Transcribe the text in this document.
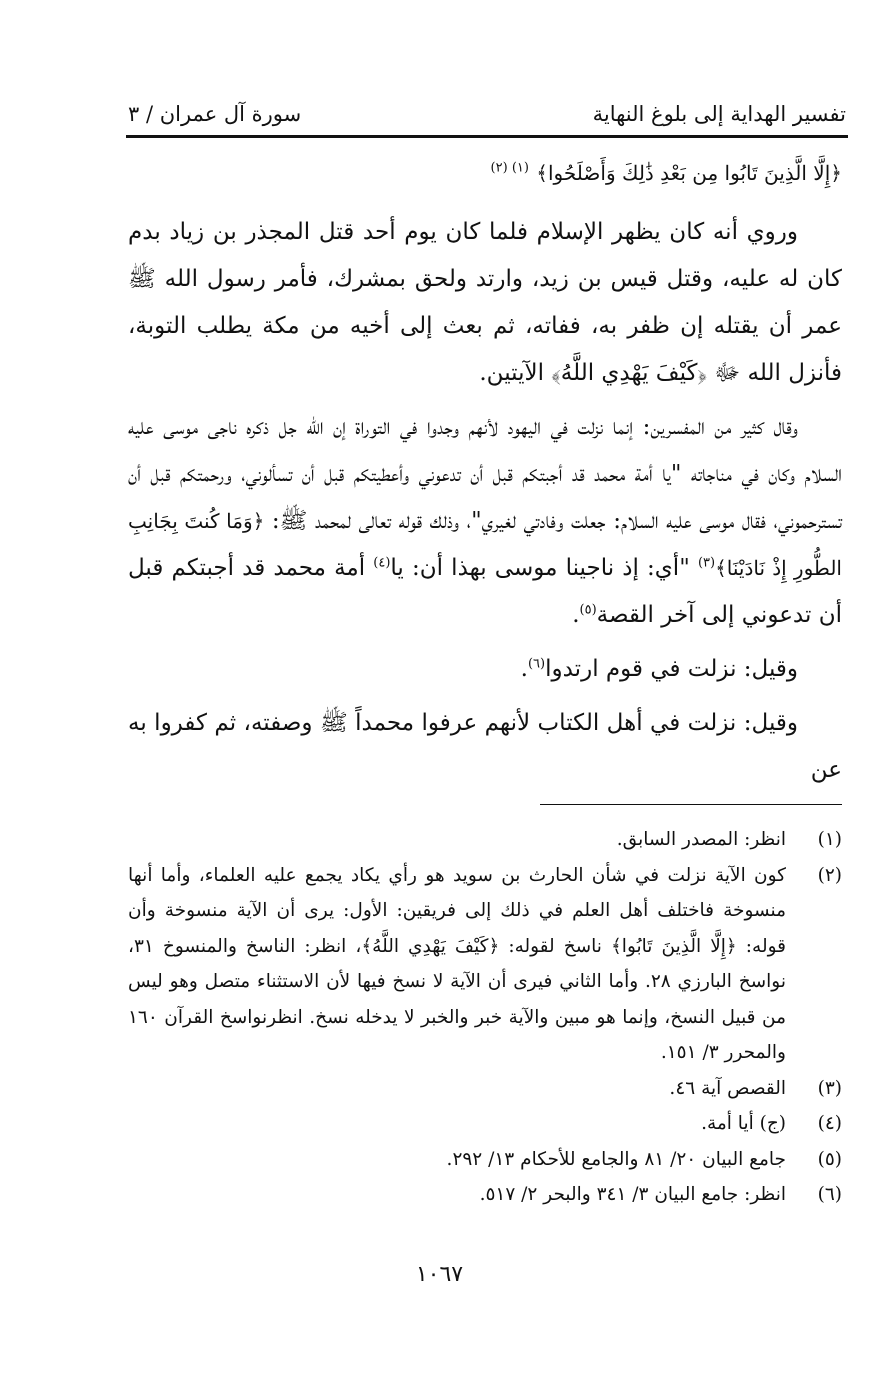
تفسير الهداية إلى بلوغ النهاية
سورة آل عمران / ٣

﴿إِلَّا الَّذِينَ تَابُوا مِن بَعْدِ ذَٰلِكَ وَأَصْلَحُوا﴾ $^{(١) (٢)}$

وروي أنه كان يظهر الإسلام فلما كان يوم أحد قتل المجذر بن زياد بدم كان له عليه، وقتل قيس بن زيد، وارتد ولحق بمشرك، فأمر رسول الله ﷺ عمر أن يقتله إن ظفر به، ففاته، ثم بعث إلى أخيه من مكة يطلب التوبة، فأنزل الله ﷻ ﴿كَيْفَ يَهْدِي اللَّهُ﴾ الآيتين.

وقال كثير من المفسرين: إنما نزلت في اليهود لأنهم وجدوا في التوراة إن الله جل ذكره ناجى موسى عليه السلام وكان في مناجاته "يا أمة محمد قد أجبتكم قبل أن تدعوني وأعطيتكم قبل أن تسألوني، ورحمتكم قبل أن تسترحموني، فقال موسى عليه السلام: جعلت وفادتي لغيري"، وذلك قوله تعالى لمحمد ﷺ: ﴿وَمَا كُنتَ بِجَانِبِ الطُّورِ إِذْ نَادَيْنَا﴾$^{(٣)}$ "أي: إذ ناجينا موسى بهذا أن: يا$^{(٤)}$ أمة محمد قد أجبتكم قبل أن تدعوني إلى آخر القصة$^{(٥)}$.

وقيل: نزلت في قوم ارتدوا$^{(٦)}$.

وقيل: نزلت في أهل الكتاب لأنهم عرفوا محمداً ﷺ وصفته، ثم كفروا به عن

(١)
انظر: المصدر السابق.
(٢)
كون الآية نزلت في شأن الحارث بن سويد هو رأي يكاد يجمع عليه العلماء، وأما أنها منسوخة فاختلف أهل العلم في ذلك إلى فريقين: الأول: يرى أن الآية منسوخة وأن قوله: ﴿إِلَّا الَّذِينَ تَابُوا﴾ ناسخ لقوله: ﴿كَيْفَ يَهْدِي اللَّهُ﴾، انظر: الناسخ والمنسوخ ٣١، نواسخ البارزي ٢٨. وأما الثاني فيرى أن الآية لا نسخ فيها لأن الاستثناء متصل وهو ليس من قبيل النسخ، وإنما هو مبين والآية خبر والخبر لا يدخله نسخ. انظرنواسخ القرآن ١٦٠ والمحرر ٣/ ١٥١.
(٣)
القصص آية ٤٦.
(٤)
(ج) أيا أمة.
(٥)
جامع البيان ٢٠/ ٨١ والجامع للأحكام ١٣/ ٢٩٢.
(٦)
انظر: جامع البيان ٣/ ٣٤١ والبحر ٢/ ٥١٧.
١٠٦٧
